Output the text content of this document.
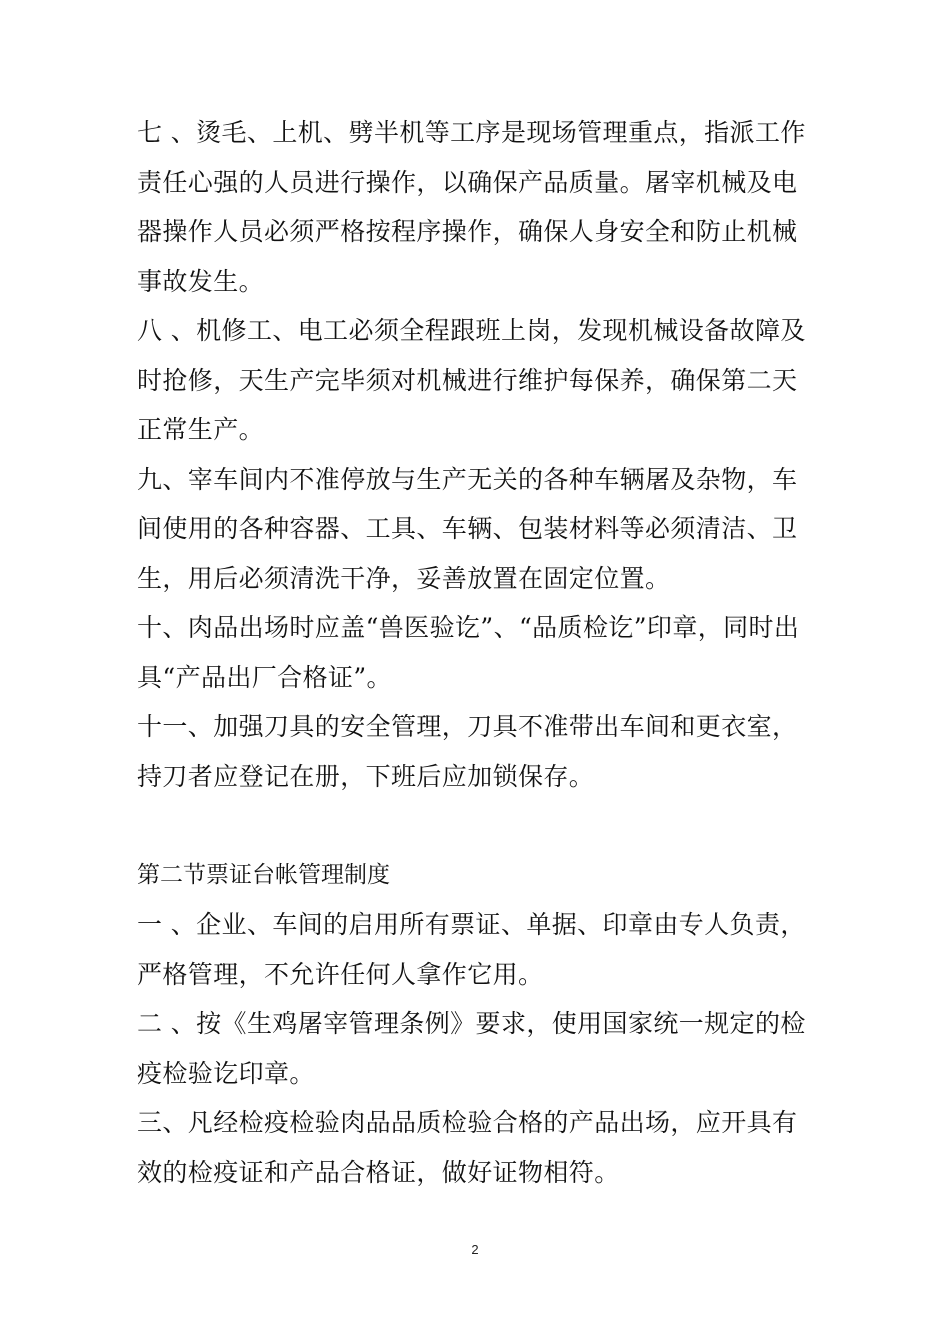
七 、烫毛、上机、劈半机等工序是现场管理重点，指派工作
责任心强的人员进行操作，以确保产品质量。屠宰机械及电
器操作人员必须严格按程序操作，确保人身安全和防止机械
事故发生。
八 、机修工、电工必须全程跟班上岗，发现机械设备故障及
时抢修，天生产完毕须对机械进行维护每保养，确保第二天
正常生产。
九、宰车间内不准停放与生产无关的各种车辆屠及杂物，车
间使用的各种容器、工具、车辆、包装材料等必须清洁、卫
生，用后必须清洗干净，妥善放置在固定位置。
十、肉品出场时应盖“兽医验讫”、“品质检讫”印章，同时出
具“产品出厂合格证”。
十一、加强刀具的安全管理，刀具不准带出车间和更衣室，
持刀者应登记在册，下班后应加锁保存。
第二节票证台帐管理制度
一 、企业、车间的启用所有票证、单据、印章由专人负责，
严格管理，不允许任何人拿作它用。
二 、按《生鸡屠宰管理条例》要求，使用国家统一规定的检
疫检验讫印章。
三、凡经检疫检验肉品品质检验合格的产品出场，应开具有
效的检疫证和产品合格证，做好证物相符。
2
